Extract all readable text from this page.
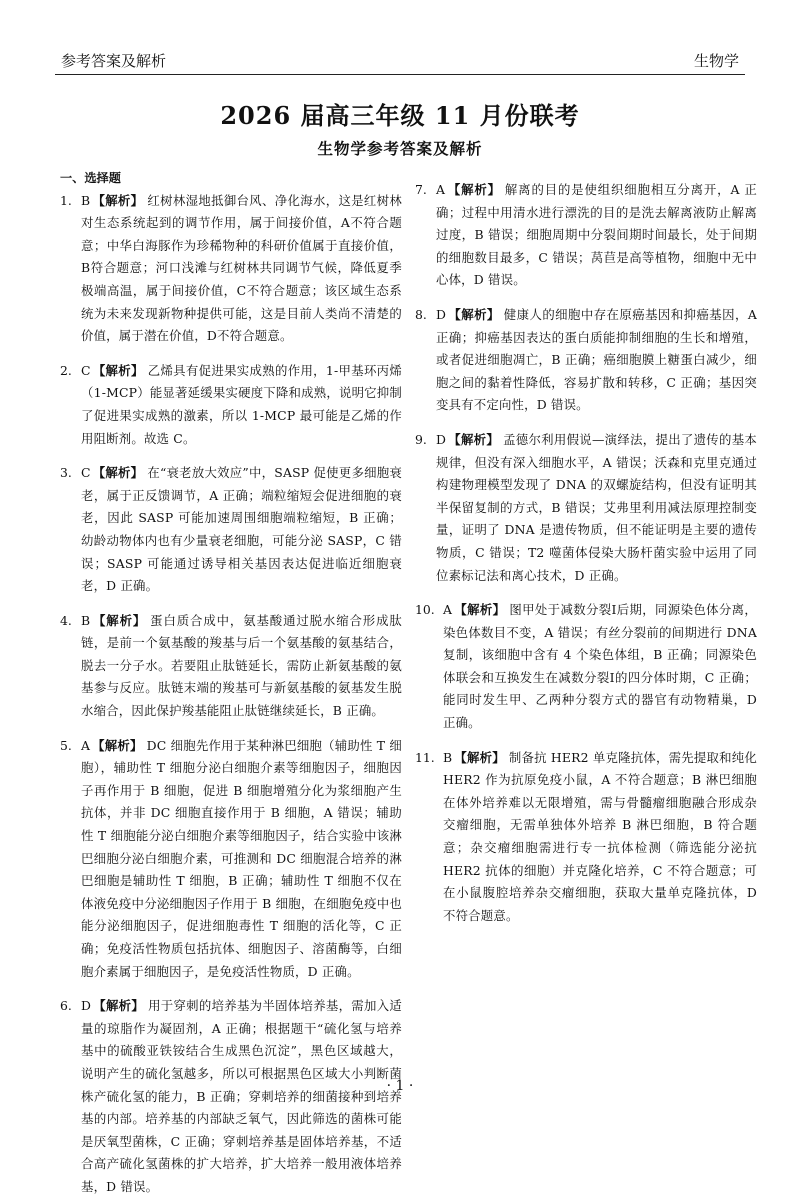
参考答案及解析	生物学
2026 届高三年级 11 月份联考
生物学参考答案及解析
一、选择题
1. B 【解析】 红树林湿地抵御台风、净化海水，这是红树林对生态系统起到的调节作用，属于间接价值，A不符合题意；中华白海豚作为珍稀物种的科研价值属于直接价值，B符合题意；河口浅滩与红树林共同调节气候，降低夏季极端高温，属于间接价值，C不符合题意；该区域生态系统为未来发现新物种提供可能，这是目前人类尚不清楚的价值，属于潜在价值，D不符合题意。
2. C 【解析】 乙烯具有促进果实成熟的作用，1-甲基环丙烯（1-MCP）能显著延缓果实硬度下降和成熟，说明它抑制了促进果实成熟的激素，所以 1-MCP 最可能是乙烯的作用阻断剂。故选 C。
3. C 【解析】 在“衰老放大效应”中，SASP 促使更多细胞衰老，属于正反馈调节，A 正确；端粒缩短会促进细胞的衰老，因此 SASP 可能加速周围细胞端粒缩短，B 正确；幼龄动物体内也有少量衰老细胞，可能分泌 SASP，C 错误；SASP 可能通过诱导相关基因表达促进临近细胞衰老，D 正确。
4. B 【解析】 蛋白质合成中，氨基酸通过脱水缩合形成肽链，是前一个氨基酸的羧基与后一个氨基酸的氨基结合，脱去一分子水。若要阻止肽链延长，需防止新氨基酸的氨基参与反应。肽链末端的羧基可与新氨基酸的氨基发生脱水缩合，因此保护羧基能阻止肽链继续延长，B 正确。
5. A 【解析】 DC 细胞先作用于某种淋巴细胞（辅助性 T 细胞），辅助性 T 细胞分泌白细胞介素等细胞因子，细胞因子再作用于 B 细胞，促进 B 细胞增殖分化为浆细胞产生抗体，并非 DC 细胞直接作用于 B 细胞，A 错误；辅助性 T 细胞能分泌白细胞介素等细胞因子，结合实验中该淋巴细胞分泌白细胞介素，可推测和 DC 细胞混合培养的淋巴细胞是辅助性 T 细胞，B 正确；辅助性 T 细胞不仅在体液免疫中分泌细胞因子作用于 B 细胞，在细胞免疫中也能分泌细胞因子，促进细胞毒性 T 细胞的活化等，C 正确；免疫活性物质包括抗体、细胞因子、溶菌酶等，白细胞介素属于细胞因子，是免疫活性物质，D 正确。
6. D 【解析】 用于穿刺的培养基为半固体培养基，需加入适量的琼脂作为凝固剂，A 正确；根据题干“硫化氢与培养基中的硫酸亚铁铵结合生成黑色沉淀”，黑色区域越大，说明产生的硫化氢越多，所以可根据黑色区域大小判断菌株产硫化氢的能力，B 正确；穿刺培养的细菌接种到培养基的内部。培养基的内部缺乏氧气，因此筛选的菌株可能是厌氧型菌株，C 正确；穿刺培养基是固体培养基，不适合高产硫化氢菌株的扩大培养，扩大培养一般用液体培养基，D 错误。
7. A 【解析】 解离的目的是使组织细胞相互分离开，A 正确；过程中用清水进行漂洗的目的是洗去解离液防止解离过度，B 错误；细胞周期中分裂间期时间最长，处于间期的细胞数目最多，C 错误；莴苣是高等植物，细胞中无中心体，D 错误。
8. D 【解析】 健康人的细胞中存在原癌基因和抑癌基因，A 正确；抑癌基因表达的蛋白质能抑制细胞的生长和增殖，或者促进细胞凋亡，B 正确；癌细胞膜上糖蛋白减少，细胞之间的黏着性降低，容易扩散和转移，C 正确；基因突变具有不定向性，D 错误。
9. D 【解析】 孟德尔利用假说—演绎法，提出了遗传的基本规律，但没有深入细胞水平，A 错误；沃森和克里克通过构建物理模型发现了 DNA 的双螺旋结构，但没有证明其半保留复制的方式，B 错误；艾弗里利用减法原理控制变量，证明了 DNA 是遗传物质，但不能证明是主要的遗传物质，C 错误；T2 噬菌体侵染大肠杆菌实验中运用了同位素标记法和离心技术，D 正确。
10. A 【解析】 图甲处于减数分裂Ⅰ后期，同源染色体分离，染色体数目不变，A 错误；有丝分裂前的间期进行 DNA 复制，该细胞中含有 4 个染色体组，B 正确；同源染色体联会和互换发生在减数分裂Ⅰ的四分体时期，C 正确；能同时发生甲、乙两种分裂方式的器官有动物精巢，D 正确。
11. B 【解析】 制备抗 HER2 单克隆抗体，需先提取和纯化 HER2 作为抗原免疫小鼠，A 不符合题意；B 淋巴细胞在体外培养难以无限增殖，需与骨髓瘤细胞融合形成杂交瘤细胞，无需单独体外培养 B 淋巴细胞，B 符合题意；杂交瘤细胞需进行专一抗体检测（筛选能分泌抗 HER2 抗体的细胞）并克隆化培养，C 不符合题意；可在小鼠腹腔培养杂交瘤细胞，获取大量单克隆抗体，D 不符合题意。
· 1 ·
